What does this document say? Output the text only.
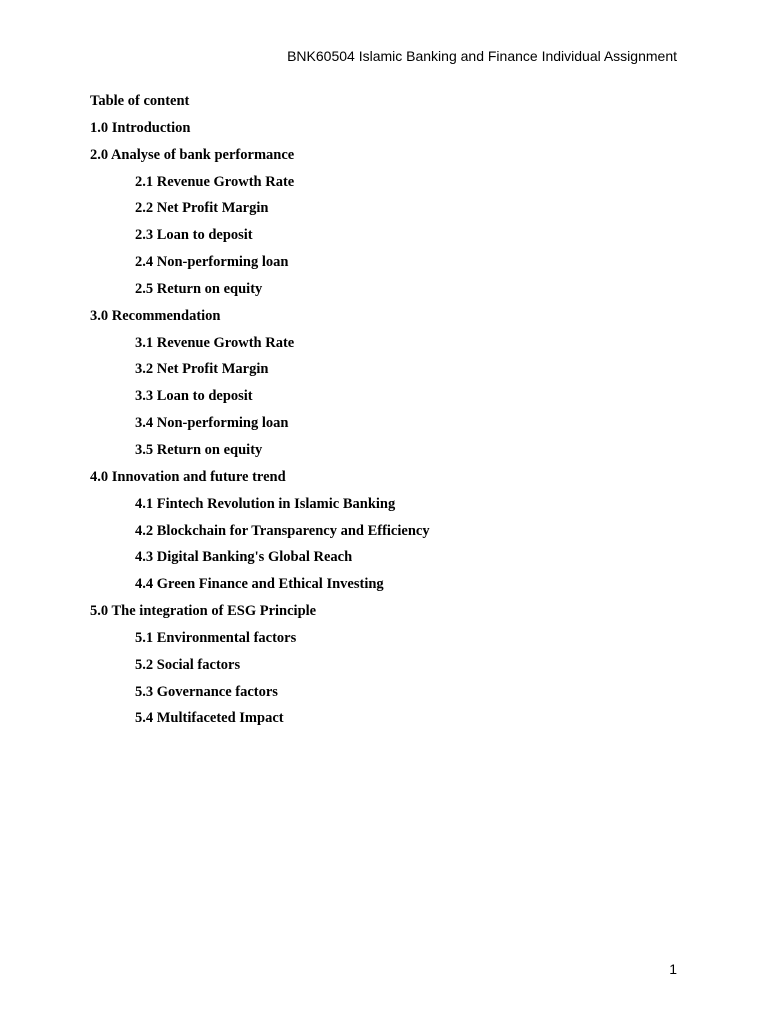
BNK60504 Islamic Banking and Finance Individual Assignment
Table of content
1.0 Introduction
2.0 Analyse of bank performance
2.1 Revenue Growth Rate
2.2 Net Profit Margin
2.3 Loan to deposit
2.4 Non-performing loan
2.5 Return on equity
3.0 Recommendation
3.1 Revenue Growth Rate
3.2 Net Profit Margin
3.3 Loan to deposit
3.4 Non-performing loan
3.5 Return on equity
4.0 Innovation and future trend
4.1 Fintech Revolution in Islamic Banking
4.2 Blockchain for Transparency and Efficiency
4.3 Digital Banking's Global Reach
4.4 Green Finance and Ethical Investing
5.0 The integration of ESG Principle
5.1 Environmental factors
5.2 Social factors
5.3 Governance factors
5.4 Multifaceted Impact
1
